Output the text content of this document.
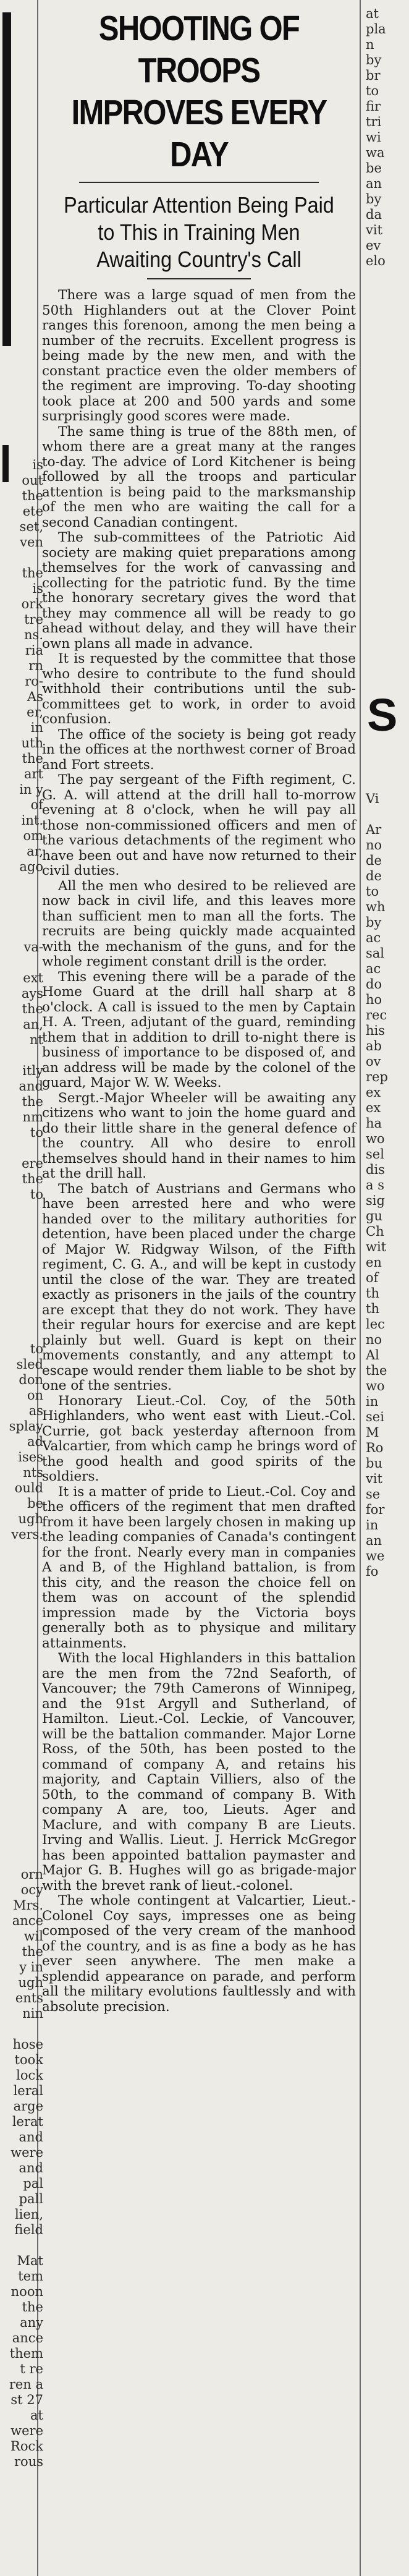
is
out
the
ete
set,
ven

the
is
ork
tre
ns.
ria
rn
ro-
As
er,
in
uth
the
art
in y
of
int.
om
ar,
ago
va-

ext
ays
the
an,
nt

itly
and
the
nm
to

ere
the
to
to
sled
don
on
as
splay
ad
ises
nts
ould
be
ugh
vers.
orn
ocy
Mrs.
ance
wil
the
y in
ugh
ents
nin

hose
took
lock
leral
arge
lerat
and
were
and
pal
pall
lien,
field

Mat
tem
noon
the
any
ance
them
t re
ren a
st 27
at
were
Rock
rous
SHOOTING OF TROOPS IMPROVES EVERY DAY
Particular Attention Being Paid to This in Training Men Awaiting Country's Call

There was a large squad of men from the 50th Highlanders out at the Clover Point ranges this forenoon, among the men being a number of the recruits. Excellent progress is being made by the new men, and with the constant practice even the older members of the regiment are improving. To-day shooting took place at 200 and 500 yards and some surprisingly good scores were made.

The same thing is true of the 88th men, of whom there are a great many at the ranges to-day. The advice of Lord Kitchener is being followed by all the troops and particular attention is being paid to the marksmanship of the men who are waiting the call for a second Canadian contingent.

The sub-committees of the Patriotic Aid society are making quiet preparations among themselves for the work of canvassing and collecting for the patriotic fund. By the time the honorary secretary gives the word that they may commence all will be ready to go ahead without delay, and they will have their own plans all made in advance.

It is requested by the committee that those who desire to contribute to the fund should withhold their contributions until the sub-committees get to work, in order to avoid confusion.

The office of the society is being got ready in the offices at the northwest corner of Broad and Fort streets.

The pay sergeant of the Fifth regiment, C. G. A. will attend at the drill hall to-morrow evening at 8 o'clock, when he will pay all those non-commissioned officers and men of the various detachments of the regiment who have been out and have now returned to their civil duties.

All the men who desired to be relieved are now back in civil life, and this leaves more than sufficient men to man all the forts. The recruits are being quickly made acquainted with the mechanism of the guns, and for the whole regiment constant drill is the order.

This evening there will be a parade of the Home Guard at the drill hall sharp at 8 o'clock. A call is issued to the men by Captain H. A. Treen, adjutant of the guard, reminding them that in addition to drill to-night there is business of importance to be disposed of, and an address will be made by the colonel of the guard, Major W. W. Weeks.

Sergt.-Major Wheeler will be awaiting any citizens who want to join the home guard and do their little share in the general defence of the country. All who desire to enroll themselves should hand in their names to him at the drill hall.

The batch of Austrians and Germans who have been arrested here and who were handed over to the military authorities for detention, have been placed under the charge of Major W. Ridgway Wilson, of the Fifth regiment, C. G. A., and will be kept in custody until the close of the war. They are treated exactly as prisoners in the jails of the country are except that they do not work. They have their regular hours for exercise and are kept plainly but well. Guard is kept on their movements constantly, and any attempt to escape would render them liable to be shot by one of the sentries.

Honorary Lieut.-Col. Coy, of the 50th Highlanders, who went east with Lieut.-Col. Currie, got back yesterday afternoon from Valcartier, from which camp he brings word of the good health and good spirits of the soldiers.

It is a matter of pride to Lieut.-Col. Coy and the officers of the regiment that men drafted from it have been largely chosen in making up the leading companies of Canada's contingent for the front. Nearly every man in companies A and B, of the Highland battalion, is from this city, and the reason the choice fell on them was on account of the splendid impression made by the Victoria boys generally both as to physique and military attainments.

With the local Highlanders in this battalion are the men from the 72nd Seaforth, of Vancouver; the 79th Camerons of Winnipeg, and the 91st Argyll and Sutherland, of Hamilton. Lieut.-Col. Leckie, of Vancouver, will be the battalion commander. Major Lorne Ross, of the 50th, has been posted to the command of company A, and retains his majority, and Captain Villiers, also of the 50th, to the command of company B. With company A are, too, Lieuts. Ager and Maclure, and with company B are Lieuts. Irving and Wallis. Lieut. J. Herrick McGregor has been appointed battalion paymaster and Major G. B. Hughes will go as brigade-major with the brevet rank of lieut.-colonel.

The whole contingent at Valcartier, Lieut.-Colonel Coy says, impresses one as being composed of the very cream of the manhood of the country, and is as fine a body as he has ever seen anywhere. The men make a splendid appearance on parade, and perform all the military evolutions faultlessly and with absolute precision.

at
pla
n
by
br
to
fir
tri
wi
wa
be
an
by
da
vit
ev
elo
S
Vi

Ar
no
de
de
to
wh
by
ac
sal
ac
do
ho
rec
his
ab
ov
rep
ex
ex
ha
wo
sel
dis
a s
sig
gu
Ch
wit
en
of
th
th
lec
no
Al
the
wo
in
sei
M
Ro
bu
vit
se
for
in
an
we
fo
